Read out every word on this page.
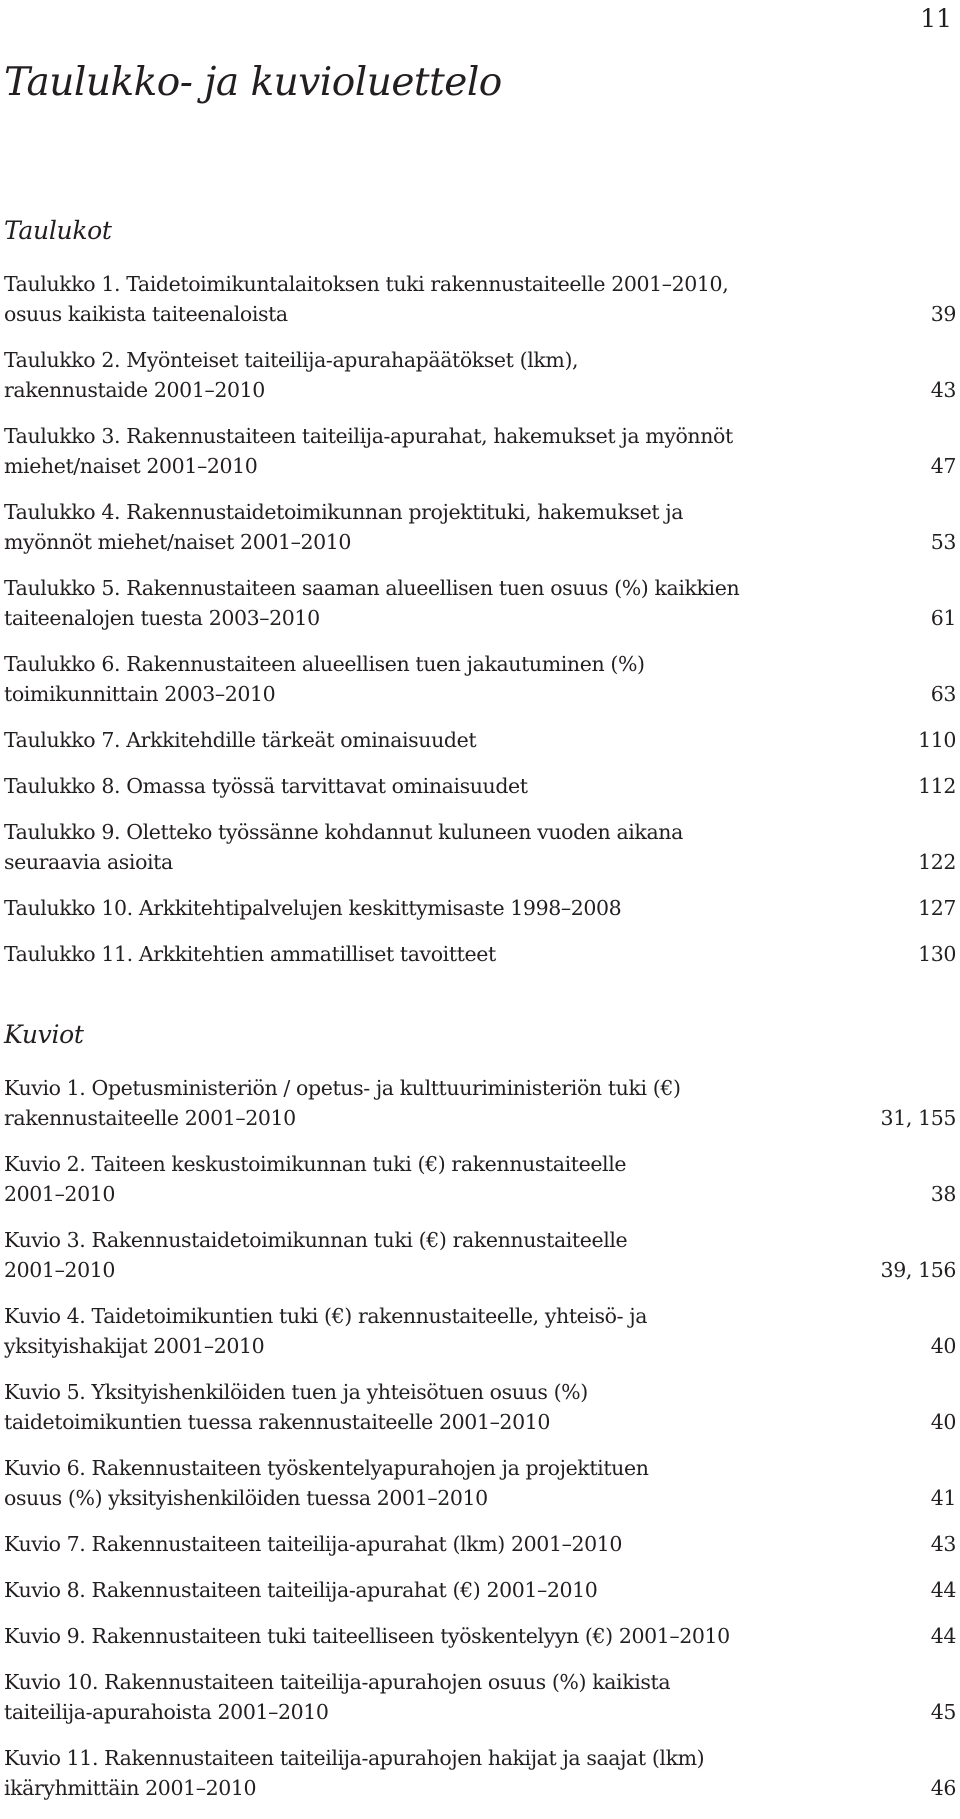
11
Taulukko- ja kuvioluettelo
Taulukot
Taulukko 1. Taidetoimikuntalaitoksen tuki rakennustaiteelle 2001–2010,
osuus kaikista taiteenaloista	39
Taulukko 2. Myönteiset taiteilija-apurahapäätökset (lkm),
rakennustaide 2001–2010	43
Taulukko 3. Rakennustaiteen taiteilija-apurahat, hakemukset ja myönnöt
miehet/naiset 2001–2010	47
Taulukko 4. Rakennustaidetoimikunnan projektituki, hakemukset ja
myönnöt miehet/naiset 2001–2010	53
Taulukko 5. Rakennustaiteen saaman alueellisen tuen osuus (%) kaikkien
taiteenalojen tuesta 2003–2010	61
Taulukko 6. Rakennustaiteen alueellisen tuen jakautuminen (%)
toimikunnittain 2003–2010	63
Taulukko 7. Arkkitehdille tärkeät ominaisuudet	110
Taulukko 8. Omassa työssä tarvittavat ominaisuudet	112
Taulukko 9. Oletteko työssänne kohdannut kuluneen vuoden aikana
seuraavia asioita	122
Taulukko 10. Arkkitehtipalvelujen keskittymisaste 1998–2008	127
Taulukko 11. Arkkitehtien ammatilliset tavoitteet	130
Kuviot
Kuvio 1. Opetusministeriön / opetus- ja kulttuuriministeriön tuki (€)
rakennustaiteelle 2001–2010	31, 155
Kuvio 2. Taiteen keskustoimikunnan tuki (€) rakennustaiteelle
2001–2010	38
Kuvio 3. Rakennustaidetoimikunnan tuki (€) rakennustaiteelle
2001–2010	39, 156
Kuvio 4. Taidetoimikuntien tuki (€) rakennustaiteelle, yhteisö- ja
yksityishakijat 2001–2010	40
Kuvio 5. Yksityishenkilöiden tuen ja yhteisötuen osuus (%)
taidetoimikuntien tuessa rakennustaiteelle 2001–2010	40
Kuvio 6. Rakennustaiteen työskentelyapurahojen ja projektituen
osuus (%) yksityishenkilöiden tuessa 2001–2010	41
Kuvio 7. Rakennustaiteen taiteilija-apurahat (lkm) 2001–2010	43
Kuvio 8. Rakennustaiteen taiteilija-apurahat (€) 2001–2010	44
Kuvio 9. Rakennustaiteen tuki taiteelliseen työskentelyyn (€) 2001–2010	44
Kuvio 10. Rakennustaiteen taiteilija-apurahojen osuus (%) kaikista
taiteilija-apurahoista 2001–2010	45
Kuvio 11. Rakennustaiteen taiteilija-apurahojen hakijat ja saajat (lkm)
ikäryhmittäin 2001–2010	46
